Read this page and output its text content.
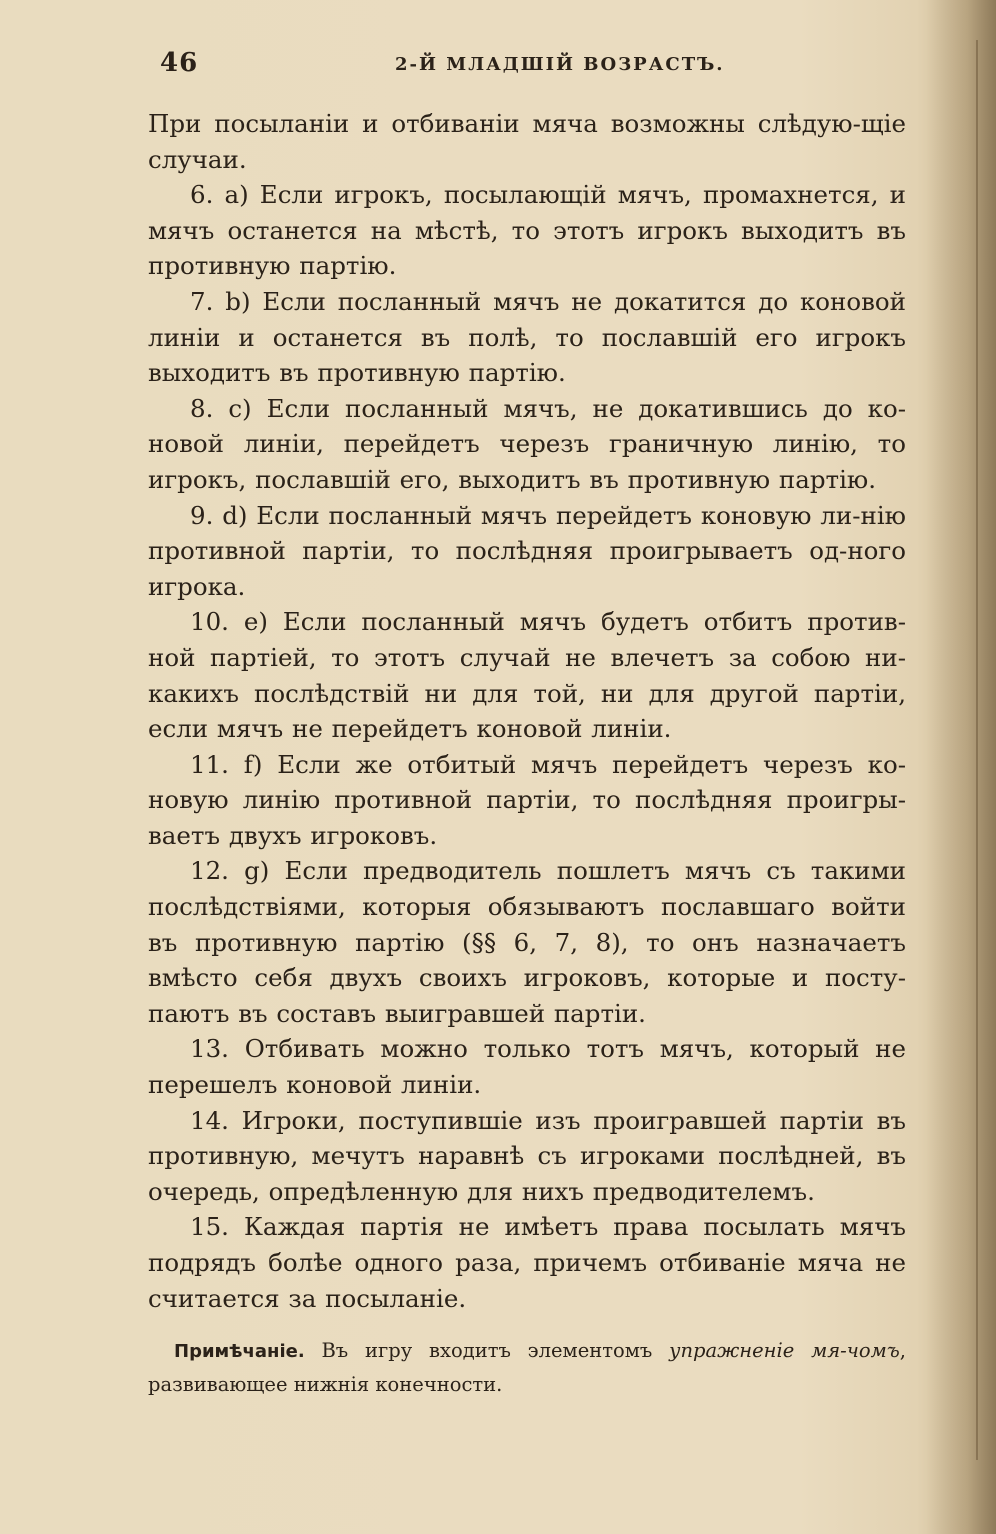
46	2-Й МЛАДШІЙ ВОЗРАСТЪ.

При посыланіи и отбиваніи мяча возможны слѣдую-щіе случаи.

6. a) Если игрокъ, посылающій мячъ, промахнется, и мячъ останется на мѣстѣ, то этотъ игрокъ выходитъ въ противную партію.

7. b) Если посланный мячъ не докатится до коновой линіи и останется въ полѣ, то пославшій его игрокъ выходитъ въ противную партію.

8. c) Если посланный мячъ, не докатившись до ко-новой линіи, перейдетъ черезъ граничную линію, то игрокъ, пославшій его, выходитъ въ противную партію.

9. d) Если посланный мячъ перейдетъ коновую ли-нію противной партіи, то послѣдняя проигрываетъ од-ного игрока.

10. e) Если посланный мячъ будетъ отбитъ против-ной партіей, то этотъ случай не влечетъ за собою ни-какихъ послѣдствій ни для той, ни для другой партіи, если мячъ не перейдетъ коновой линіи.

11. f) Если же отбитый мячъ перейдетъ черезъ ко-новую линію противной партіи, то послѣдняя проигры-ваетъ двухъ игроковъ.

12. g) Если предводитель пошлетъ мячъ съ такими послѣдствіями, которыя обязываютъ пославшаго войти въ противную партію (§§ 6, 7, 8), то онъ назначаетъ вмѣсто себя двухъ своихъ игроковъ, которые и посту-паютъ въ составъ выигравшей партіи.

13. Отбивать можно только тотъ мячъ, который не перешелъ коновой линіи.

14. Игроки, поступившіе изъ проигравшей партіи въ противную, мечутъ наравнѣ съ игроками послѣдней, въ очередь, опредѣленную для нихъ предводителемъ.

15. Каждая партія не имѣетъ права посылать мячъ подрядъ болѣе одного раза, причемъ отбиваніе мяча не считается за посыланіе.

Примѣчаніе. Въ игру входитъ элементомъ упражненіе мя-чомъ, развивающее нижнія конечности.
